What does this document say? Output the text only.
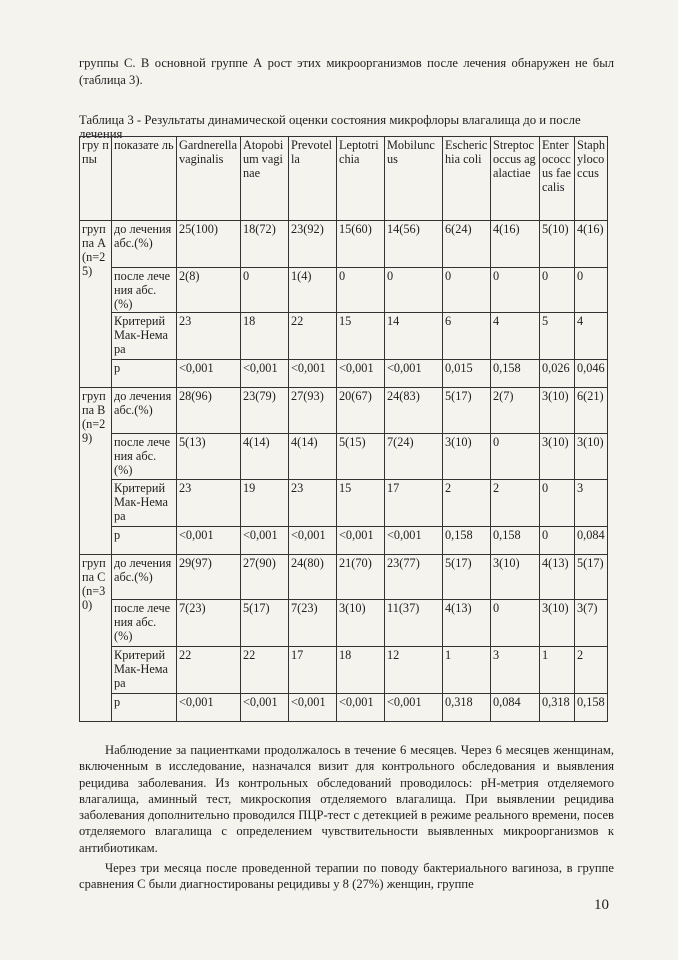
группы С. В основной группе А рост этих микроорганизмов после лечения обнаружен не был (таблица 3).

Таблица 3 - Результаты динамической оценки состояния микрофлоры влагалища до и после лечения

гру ппы	показате ль	Gardnerella vaginalis	Atopobium vaginae	Prevotella	Leptotrichia	Mobiluncus	Escherichia coli	Streptococcus agalactiae	Enterococcus faecalis	Staphylococcus
группа А(n=25)	до лечения абс.(%)	25(100)	18(72)	23(92)	15(60)	14(56)	6(24)	4(16)	5(10)	4(16)
	после лечения абс.(%)	2(8)	0	1(4)	0	0	0	0	0	0
	Критерий Мак-Немара	23	18	22	15	14	6	4	5	4
	p	<0,001	<0,001	<0,001	<0,001	<0,001	0,015	0,158	0,026	0,046
группа В(n=29)	до лечения абс.(%)	28(96)	23(79)	27(93)	20(67)	24(83)	5(17)	2(7)	3(10)	6(21)
	после лечения абс.(%)	5(13)	4(14)	4(14)	5(15)	7(24)	3(10)	0	3(10)	3(10)
	Критерий Мак-Немара	23	19	23	15	17	2	2	0	3
	p	<0,001	<0,001	<0,001	<0,001	<0,001	0,158	0,158	0	0,084
группа С(n=30)	до лечения абс.(%)	29(97)	27(90)	24(80)	21(70)	23(77)	5(17)	3(10)	4(13)	5(17)
	после лечения абс.(%)	7(23)	5(17)	7(23)	3(10)	11(37)	4(13)	0	3(10)	3(7)
	Критерий Мак-Немара	22	22	17	18	12	1	3	1	2
	p	<0,001	<0,001	<0,001	<0,001	<0,001	0,318	0,084	0,318	0,158

Наблюдение за пациентками продолжалось в течение 6 месяцев. Через 6 месяцев женщинам, включенным в исследование, назначался визит для контрольного обследования и выявления рецидива заболевания. Из контрольных обследований проводилось: рН-метрия отделяемого влагалища, аминный тест, микроскопия отделяемого влагалища. При выявлении рецидива заболевания дополнительно проводился ПЦР-тест с детекцией в режиме реального времени, посев отделяемого влагалища с определением чувствительности выявленных микроорганизмов к антибиотикам.

Через три месяца после проведенной терапии по поводу бактериального вагиноза, в группе сравнения С были диагностированы рецидивы у 8 (27%) женщин, группе

10
